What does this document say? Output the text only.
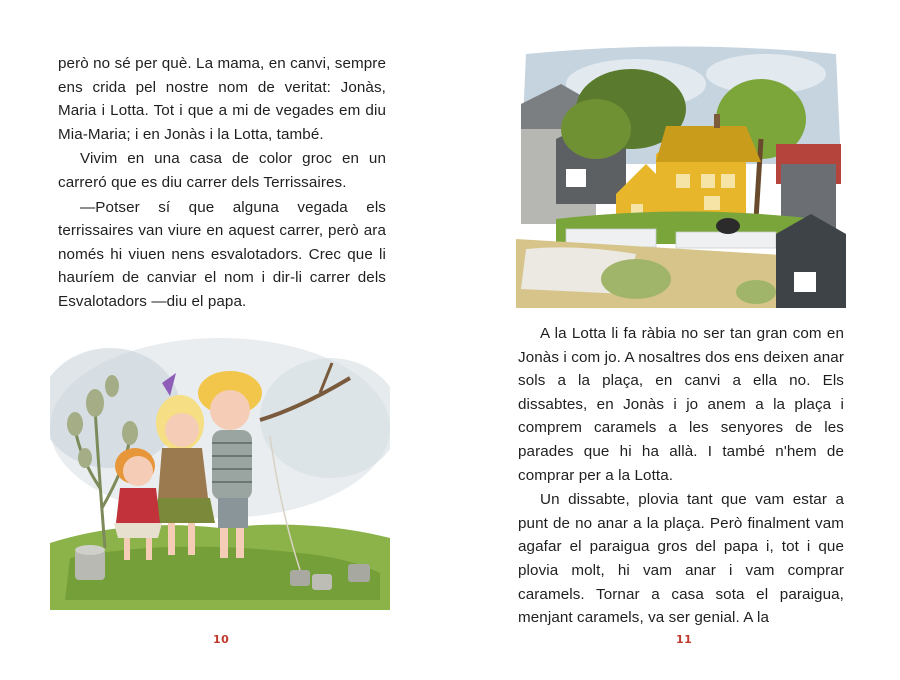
però no sé per què. La mama, en canvi, sempre ens crida pel nostre nom de veritat: Jonàs, Maria i Lotta. Tot i que a mi de vegades em diu Mia-Maria; i en Jonàs i la Lotta, també.

Vivim en una casa de color groc en un carreró que es diu carrer dels Terrissaires.

—Potser sí que alguna vegada els terrissaires van viure en aquest carrer, però ara només hi viuen nens esvalotadors. Crec que li hauríem de canviar el nom i dir-li carrer dels Esvalotadors —diu el papa.

10

A la Lotta li fa ràbia no ser tan gran com en Jonàs i com jo. A nosaltres dos ens deixen anar sols a la plaça, en canvi a ella no. Els dissabtes, en Jonàs i jo anem a la plaça i comprem caramels a les senyores de les parades que hi ha allà. I també n'hem de comprar per a la Lotta.

Un dissabte, plovia tant que vam estar a punt de no anar a la plaça. Però finalment vam agafar el paraigua gros del papa i, tot i que plovia molt, hi vam anar i vam comprar caramels. Tornar a casa sota el paraigua, menjant caramels, va ser genial. A la

11
